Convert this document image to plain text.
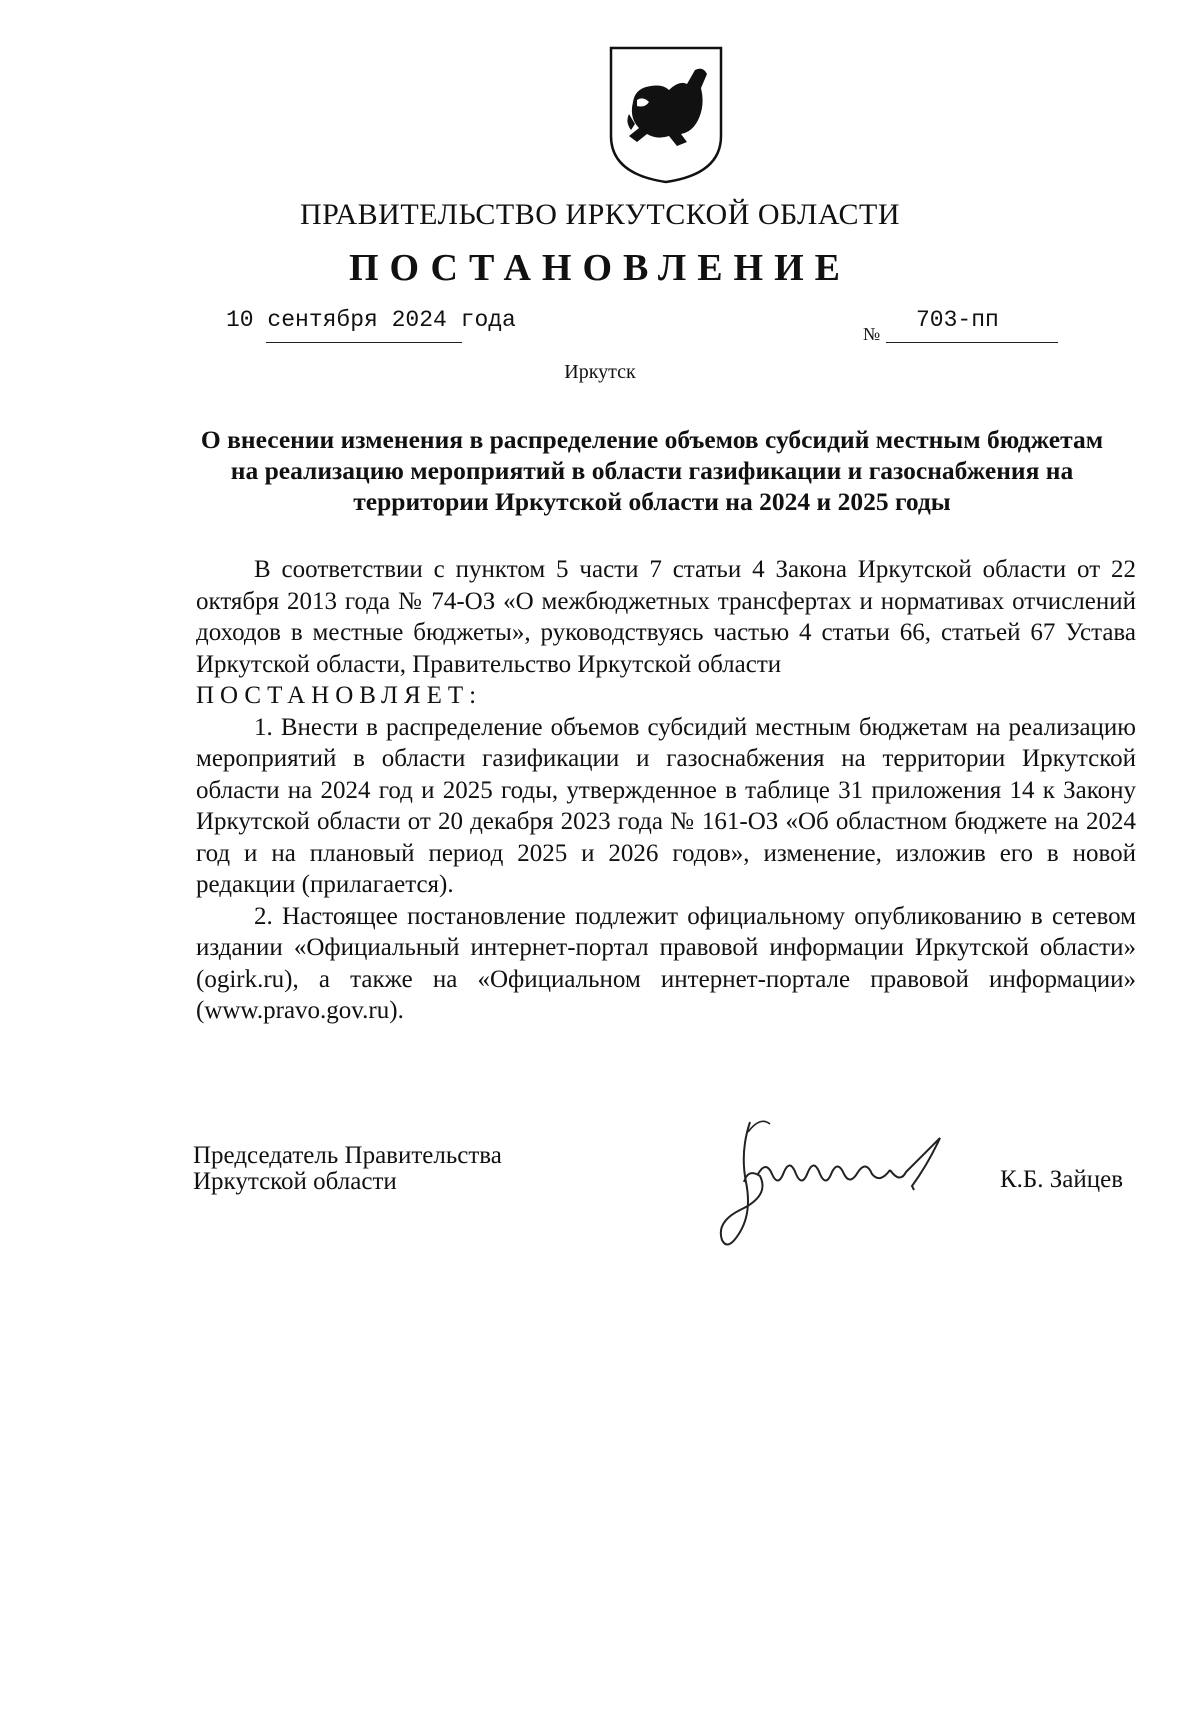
ПРАВИТЕЛЬСТВО ИРКУТСКОЙ ОБЛАСТИ
ПОСТАНОВЛЕНИЕ
10 сентября 2024 года
№
703-пп
Иркутск
О внесении изменения в распределение объемов субсидий местным бюджетам на реализацию мероприятий в области газификации и газоснабжения на территории Иркутской области на 2024 и 2025 годы

В соответствии с пунктом 5 части 7 статьи 4 Закона Иркутской области от 22 октября 2013 года № 74-ОЗ «О межбюджетных трансфертах и нормативах отчислений доходов в местные бюджеты», руководствуясь частью 4 статьи 66, статьей 67 Устава Иркутской области, Правительство Иркутской области

ПОСТАНОВЛЯЕТ:

1. Внести в распределение объемов субсидий местным бюджетам на реализацию мероприятий в области газификации и газоснабжения на территории Иркутской области на 2024 год и 2025 годы, утвержденное в таблице 31 приложения 14 к Закону Иркутской области от 20 декабря 2023 года № 161-ОЗ «Об областном бюджете на 2024 год и на плановый период 2025 и 2026 годов», изменение, изложив его в новой редакции (прилагается).

2. Настоящее постановление подлежит официальному опубликованию в сетевом издании «Официальный интернет-портал правовой информации Иркутской области» (ogirk.ru), а также на «Официальном интернет-портале правовой информации» (www.pravo.gov.ru).

Председатель Правительства
Иркутской области	К.Б. Зайцев
